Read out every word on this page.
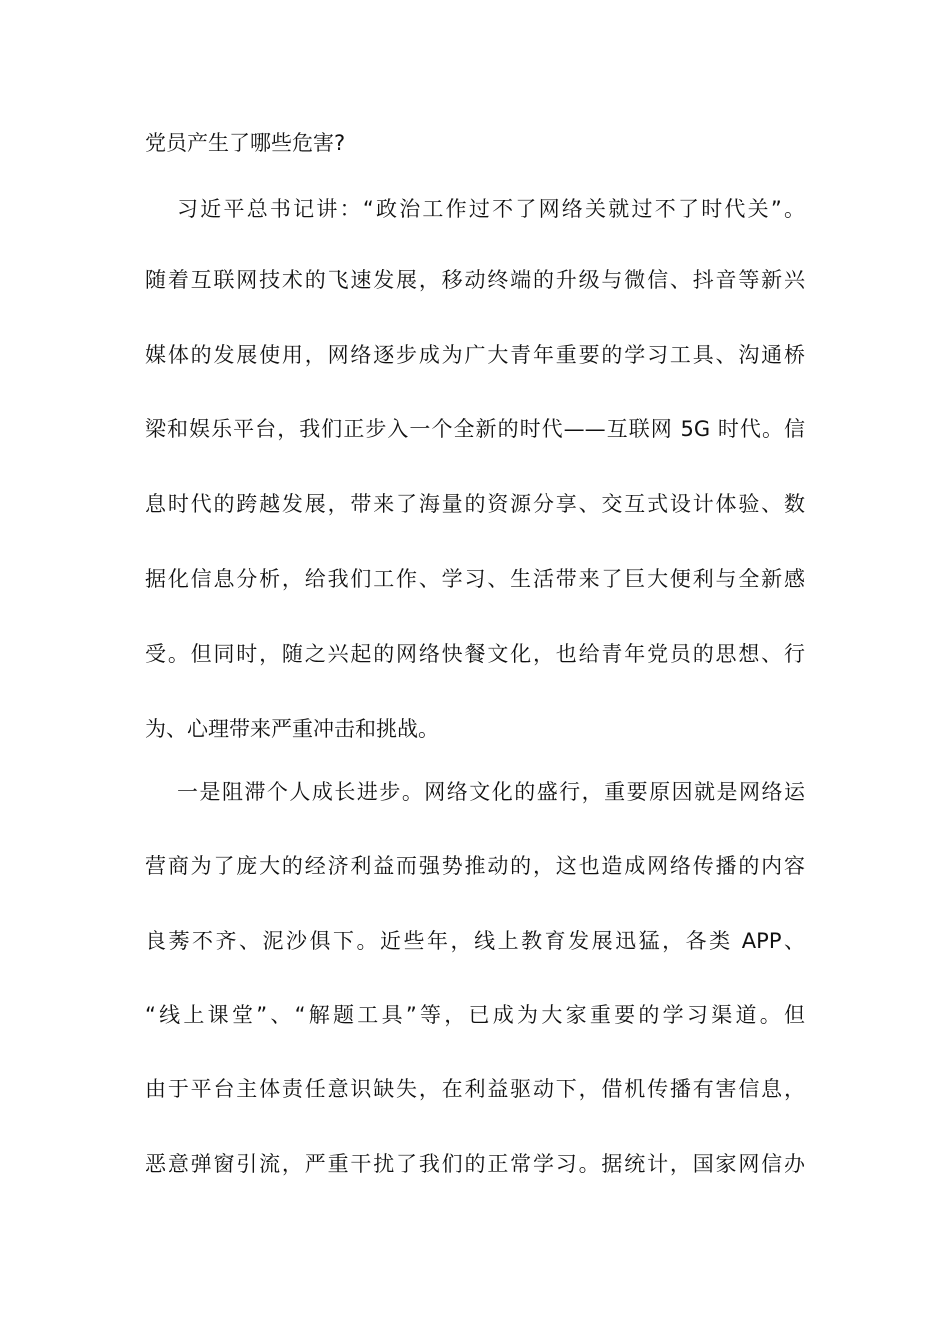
党员产生了哪些危害?
习近平总书记讲：“政治工作过不了网络关就过不了时代关”。
随着互联网技术的飞速发展，移动终端的升级与微信、抖音等新兴
媒体的发展使用，网络逐步成为广大青年重要的学习工具、沟通桥
梁和娱乐平台，我们正步入一个全新的时代——互联网 5G 时代。信
息时代的跨越发展，带来了海量的资源分享、交互式设计体验、数
据化信息分析，给我们工作、学习、生活带来了巨大便利与全新感
受。但同时，随之兴起的网络快餐文化，也给青年党员的思想、行
为、心理带来严重冲击和挑战。
一是阻滞个人成长进步。网络文化的盛行，重要原因就是网络运
营商为了庞大的经济利益而强势推动的，这也造成网络传播的内容
良莠不齐、泥沙俱下。近些年，线上教育发展迅猛，各类 APP、
“线上课堂”、“解题工具”等，已成为大家重要的学习渠道。但
由于平台主体责任意识缺失，在利益驱动下，借机传播有害信息，
恶意弹窗引流，严重干扰了我们的正常学习。据统计，国家网信办
